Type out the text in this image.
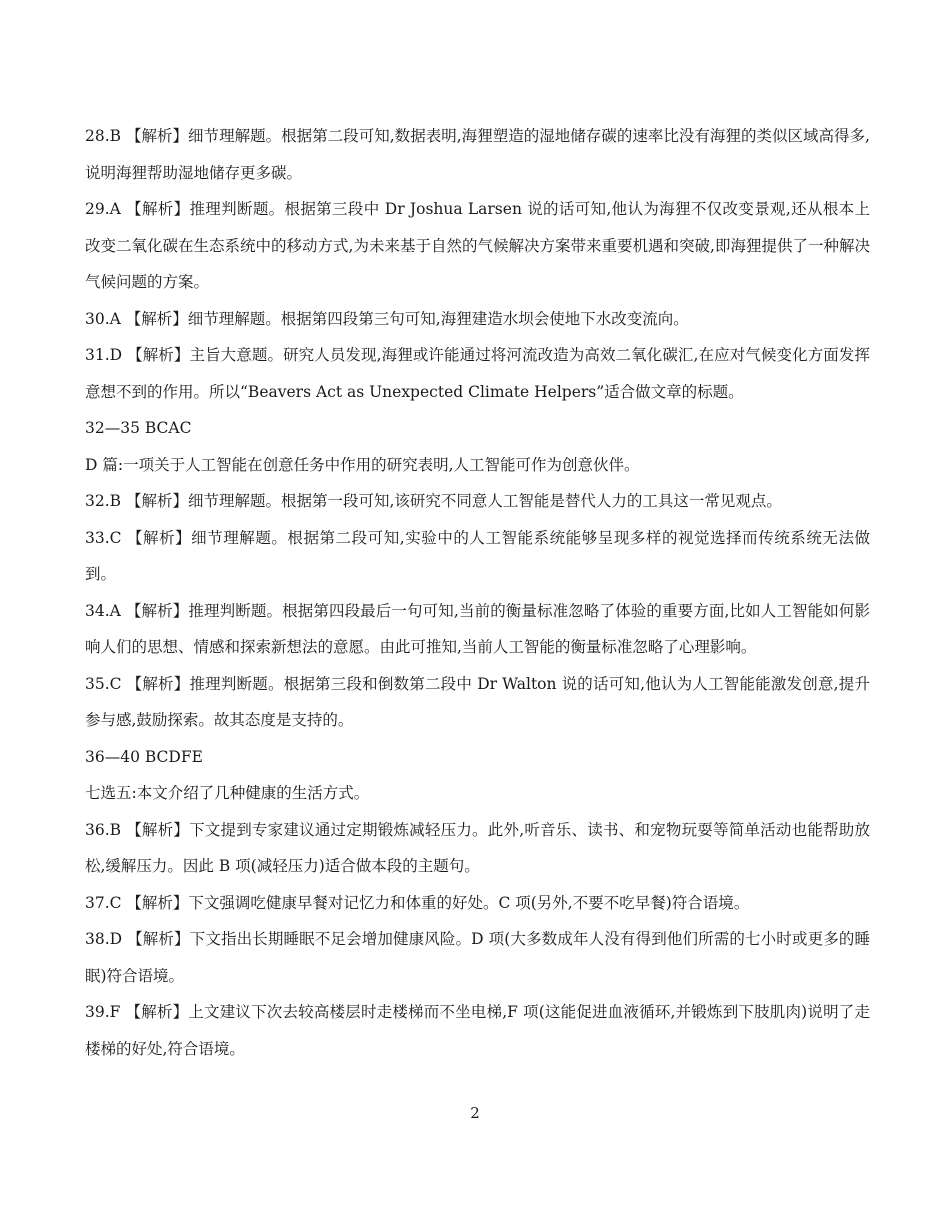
28.B 【解析】细节理解题。根据第二段可知,数据表明,海狸塑造的湿地储存碳的速率比没有海狸的类似区域高得多,说明海狸帮助湿地储存更多碳。

29.A 【解析】推理判断题。根据第三段中 Dr Joshua Larsen 说的话可知,他认为海狸不仅改变景观,还从根本上改变二氧化碳在生态系统中的移动方式,为未来基于自然的气候解决方案带来重要机遇和突破,即海狸提供了一种解决气候问题的方案。

30.A 【解析】细节理解题。根据第四段第三句可知,海狸建造水坝会使地下水改变流向。

31.D 【解析】主旨大意题。研究人员发现,海狸或许能通过将河流改造为高效二氧化碳汇,在应对气候变化方面发挥意想不到的作用。所以“Beavers Act as Unexpected Climate Helpers”适合做文章的标题。

32—35 BCAC

D 篇:一项关于人工智能在创意任务中作用的研究表明,人工智能可作为创意伙伴。

32.B 【解析】细节理解题。根据第一段可知,该研究不同意人工智能是替代人力的工具这一常见观点。

33.C 【解析】细节理解题。根据第二段可知,实验中的人工智能系统能够呈现多样的视觉选择而传统系统无法做到。

34.A 【解析】推理判断题。根据第四段最后一句可知,当前的衡量标准忽略了体验的重要方面,比如人工智能如何影响人们的思想、情感和探索新想法的意愿。由此可推知,当前人工智能的衡量标准忽略了心理影响。

35.C 【解析】推理判断题。根据第三段和倒数第二段中 Dr Walton 说的话可知,他认为人工智能能激发创意,提升参与感,鼓励探索。故其态度是支持的。

36—40 BCDFE

七选五:本文介绍了几种健康的生活方式。

36.B 【解析】下文提到专家建议通过定期锻炼减轻压力。此外,听音乐、读书、和宠物玩耍等简单活动也能帮助放松,缓解压力。因此 B 项(减轻压力)适合做本段的主题句。

37.C 【解析】下文强调吃健康早餐对记忆力和体重的好处。C 项(另外,不要不吃早餐)符合语境。

38.D 【解析】下文指出长期睡眠不足会增加健康风险。D 项(大多数成年人没有得到他们所需的七小时或更多的睡眠)符合语境。

39.F 【解析】上文建议下次去较高楼层时走楼梯而不坐电梯,F 项(这能促进血液循环,并锻炼到下肢肌肉)说明了走楼梯的好处,符合语境。

2
